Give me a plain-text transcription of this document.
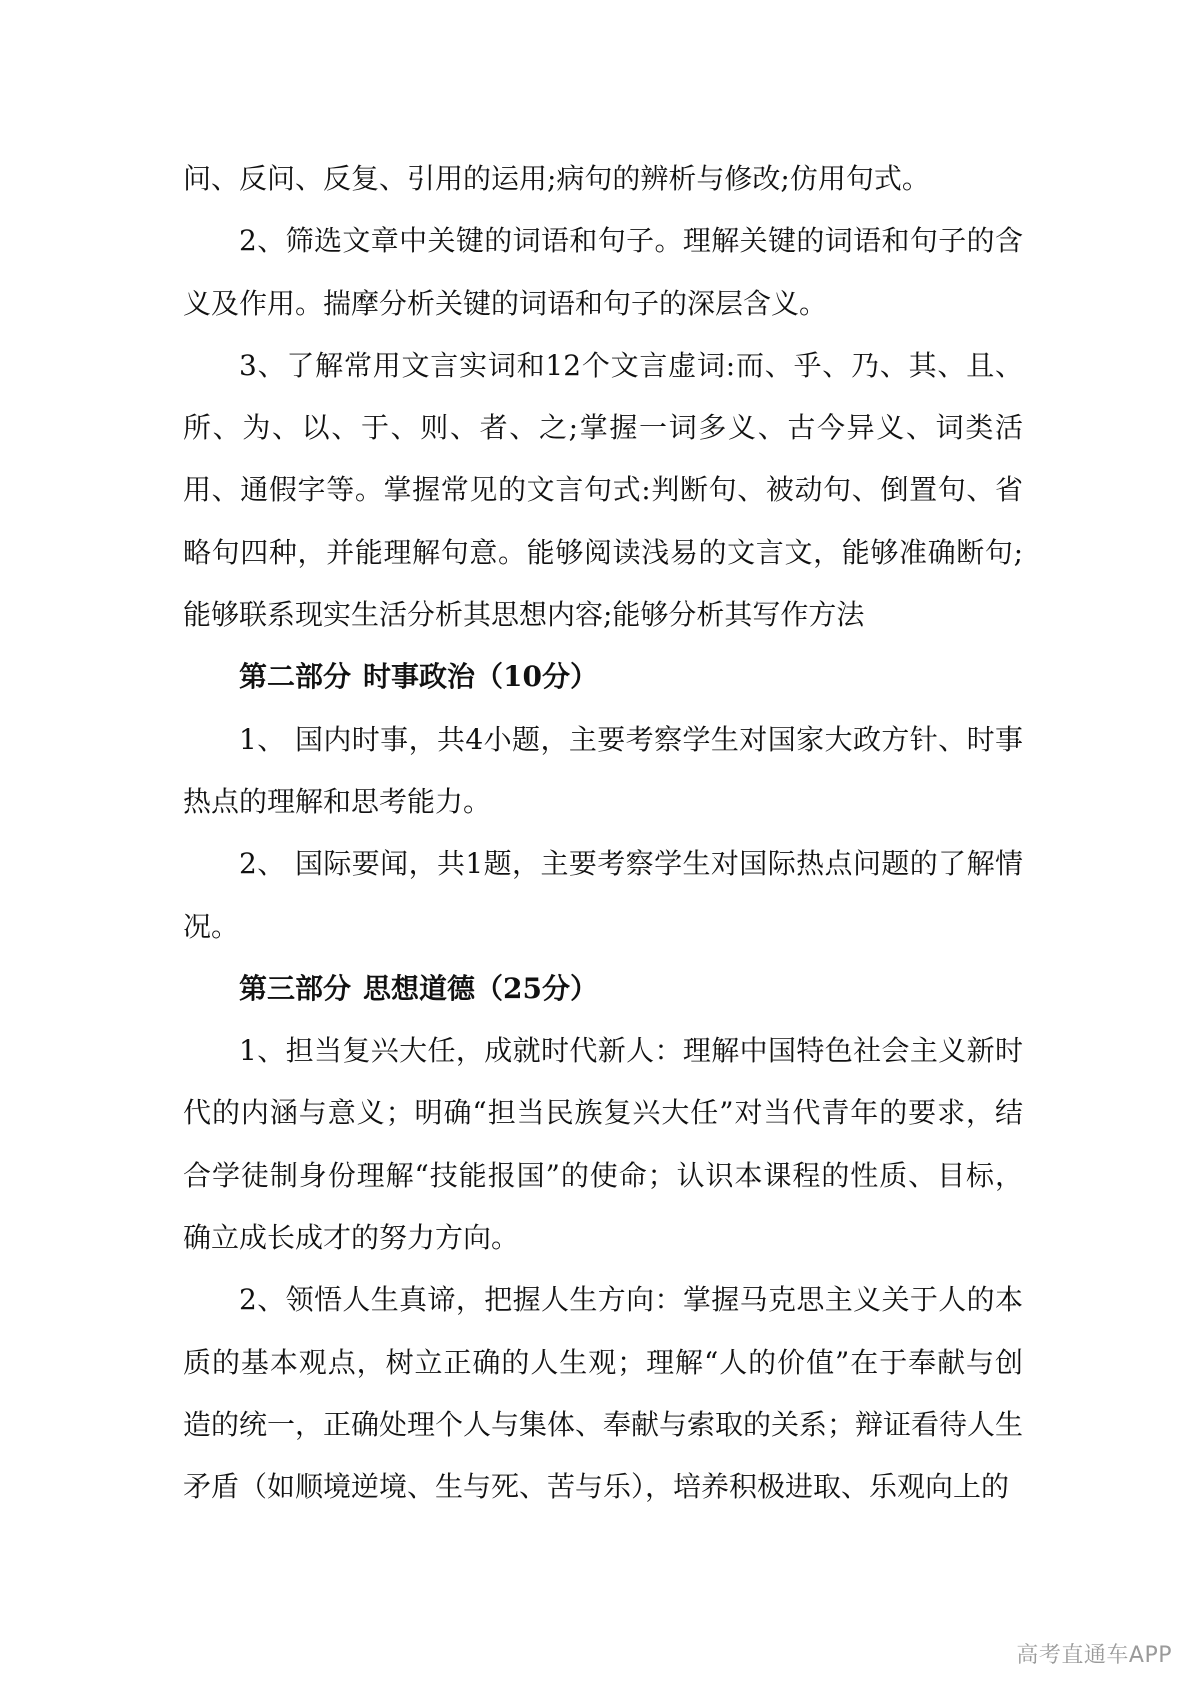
问、反问、反复、引用的运用;病句的辨析与修改;仿用句式。

2、筛选文章中关键的词语和句子。理解关键的词语和句子的含义及作用。揣摩分析关键的词语和句子的深层含义。

3、了解常用文言实词和12个文言虚词:而、乎、乃、其、且、所、为、以、于、则、者、之;掌握一词多义、古今异义、词类活用、通假字等。掌握常见的文言句式:判断句、被动句、倒置句、省略句四种，并能理解句意。能够阅读浅易的文言文，能够准确断句;能够联系现实生活分析其思想内容;能够分析其写作方法

第二部分 时事政治（10分）

1、 国内时事，共4小题，主要考察学生对国家大政方针、时事热点的理解和思考能力。

2、 国际要闻，共1题，主要考察学生对国际热点问题的了解情况。

第三部分 思想道德（25分）

1、担当复兴大任，成就时代新人：理解中国特色社会主义新时代的内涵与意义；明确“担当民族复兴大任”对当代青年的要求，结合学徒制身份理解“技能报国”的使命；认识本课程的性质、目标，确立成长成才的努力方向。

2、领悟人生真谛，把握人生方向：掌握马克思主义关于人的本质的基本观点，树立正确的人生观；理解“人的价值”在于奉献与创造的统一，正确处理个人与集体、奉献与索取的关系；辩证看待人生矛盾（如顺境逆境、生与死、苦与乐），培养积极进取、乐观向上的

高考直通车APP
